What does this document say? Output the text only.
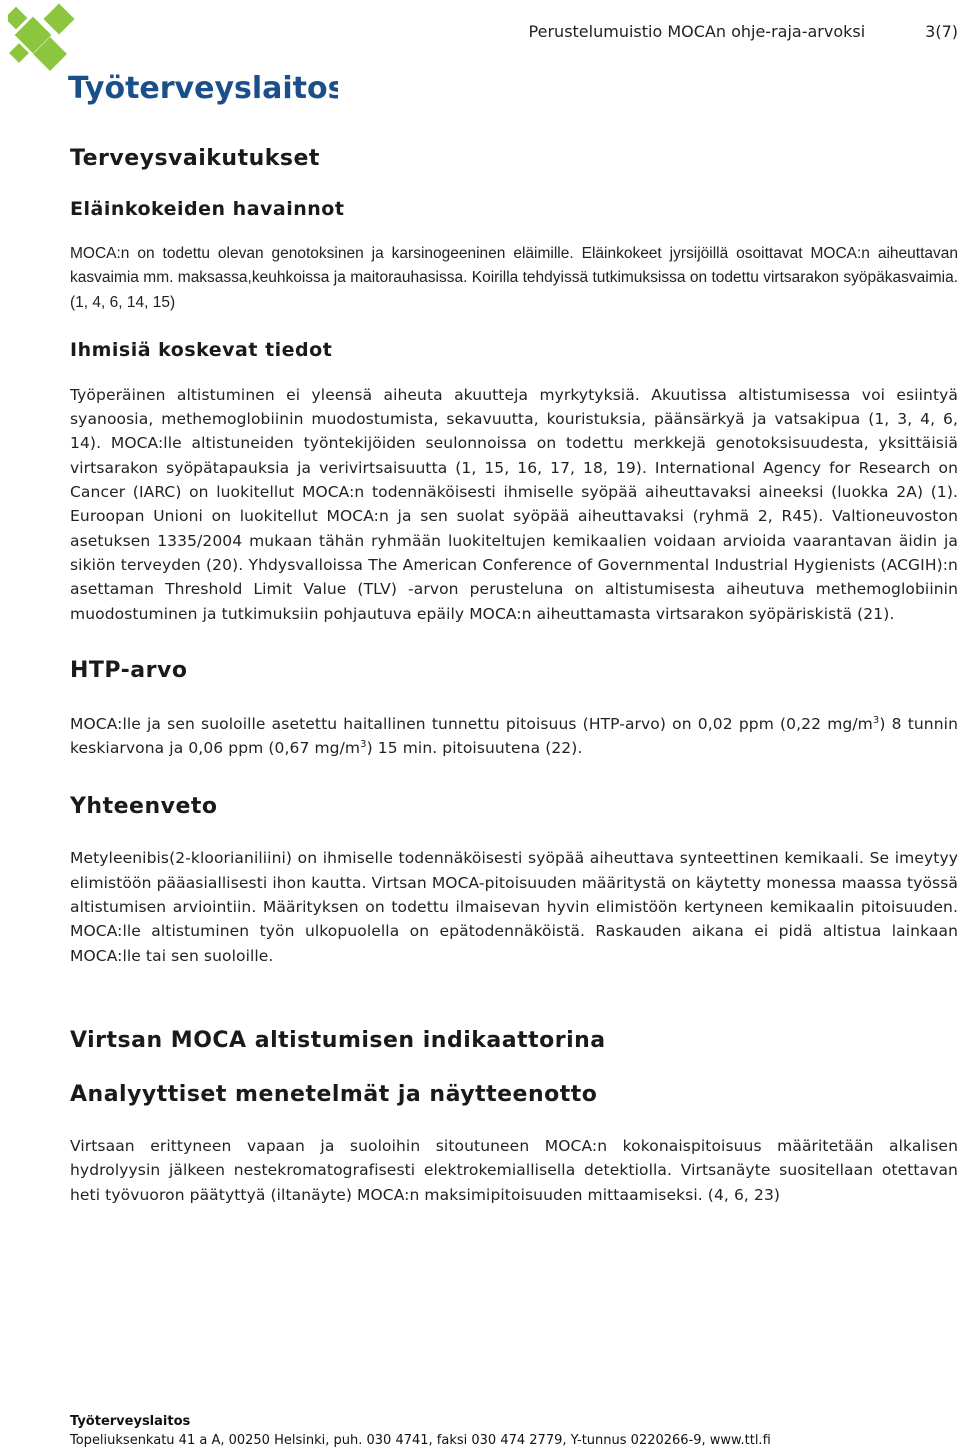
Työterveyslaitos
Perustelumuistio MOCAn ohje-raja-arvoksi	3(7)
Terveysvaikutukset
Eläinkokeiden havainnot

MOCA:n on todettu olevan genotoksinen ja karsinogeeninen eläimille. Eläinkokeet jyrsijöillä osoittavat MOCA:n aiheuttavan kasvaimia mm. maksassa,keuhkoissa ja maitorauhasissa. Koirilla tehdyissä tutkimuksissa on todettu virtsarakon syöpäkasvaimia. (1, 4, 6, 14, 15)

Ihmisiä koskevat tiedot

Työperäinen altistuminen ei yleensä aiheuta akuutteja myrkytyksiä. Akuutissa altistumisessa voi esiintyä syanoosia, methemoglobiinin muodostumista, sekavuutta, kouristuksia, päänsärkyä ja vatsakipua (1, 3, 4, 6, 14). MOCA:lle altistuneiden työntekijöiden seulonnoissa on todettu merkkejä genotoksisuudesta, yksittäisiä virtsarakon syöpätapauksia ja verivirtsaisuutta (1, 15, 16, 17, 18, 19). International Agency for Research on Cancer (IARC) on luokitellut MOCA:n todennäköisesti ihmiselle syöpää aiheuttavaksi aineeksi (luokka 2A) (1). Euroopan Unioni on luokitellut MOCA:n ja sen suolat syöpää aiheuttavaksi (ryhmä 2, R45). Valtioneuvoston asetuksen 1335/2004 mukaan tähän ryhmään luokiteltujen kemikaalien voidaan arvioida vaarantavan äidin ja sikiön terveyden (20). Yhdysvalloissa The American Conference of Governmental Industrial Hygienists (ACGIH):n asettaman Threshold Limit Value (TLV) -arvon perusteluna on altistumisesta aiheutuva methemoglobiinin muodostuminen ja tutkimuksiin pohjautuva epäily MOCA:n aiheuttamasta virtsarakon syöpäriskistä (21).

HTP-arvo

MOCA:lle ja sen suoloille asetettu haitallinen tunnettu pitoisuus (HTP-arvo) on 0,02 ppm (0,22 $mg/m^3$) 8 tunnin keskiarvona ja 0,06 ppm (0,67 $mg/m^3$) 15 min. pitoisuutena (22).

Yhteenveto

Metyleenibis(2-kloorianiliini) on ihmiselle todennäköisesti syöpää aiheuttava synteettinen kemikaali. Se imeytyy elimistöön pääasiallisesti ihon kautta. Virtsan MOCA-pitoisuuden määritystä on käytetty monessa maassa työssä altistumisen arviointiin. Määrityksen on todettu ilmaisevan hyvin elimistöön kertyneen kemikaalin pitoisuuden. MOCA:lle altistuminen työn ulkopuolella on epätodennäköistä. Raskauden aikana ei pidä altistua lainkaan MOCA:lle tai sen suoloille.

Virtsan MOCA altistumisen indikaattorina
Analyyttiset menetelmät ja näytteenotto

Virtsaan erittyneen vapaan ja suoloihin sitoutuneen MOCA:n kokonaispitoisuus määritetään alkalisen hydrolyysin jälkeen nestekromatografisesti elektrokemiallisella detektiolla. Virtsanäyte suositellaan otettavan heti työvuoron päätyttyä (iltanäyte) MOCA:n maksimipitoisuuden mittaamiseksi. (4, 6, 23)

Työterveyslaitos
Topeliuksenkatu 41 a A, 00250 Helsinki, puh. 030 4741, faksi 030 474 2779, Y-tunnus 0220266-9, www.ttl.fi
